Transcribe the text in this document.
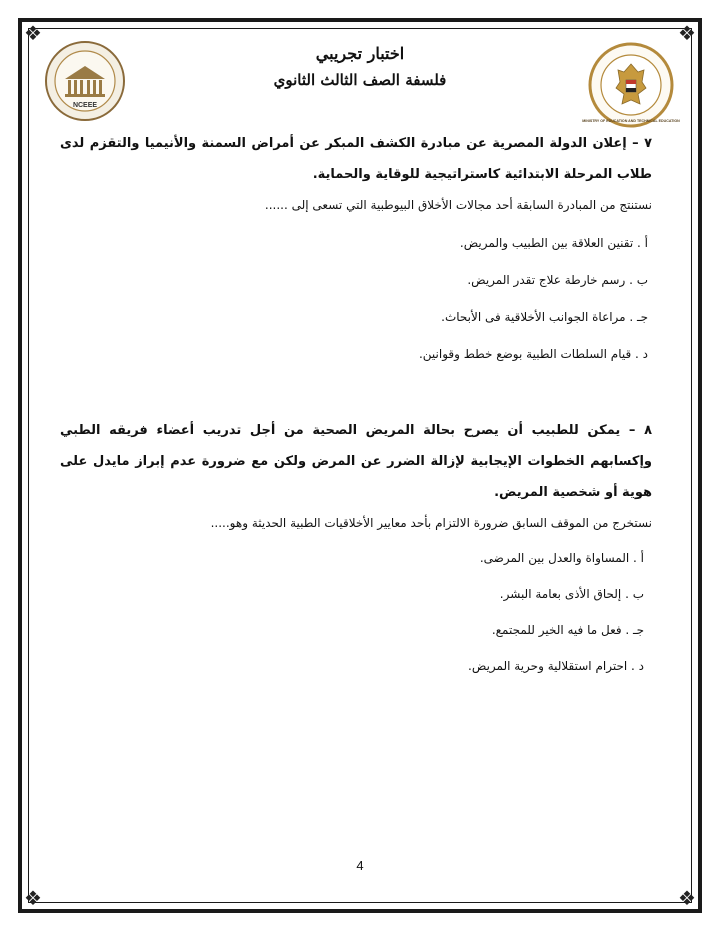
❖	❖
❖	❖
NCEEE
MINISTRY OF EDUCATION AND TECHNICAL EDUCATION
اختبار تجريبي
فلسفة الصف الثالث الثانوي
٧ – إعلان الدولة المصرية عن مبادرة الكشف المبكر عن أمراض السمنة والأنيميا والتقزم لدى طلاب المرحلة الابتدائية كاستراتيجية للوقاية والحماية.
نستنتج من المبادرة السابقة أحد مجالات الأخلاق البيوطبية التي تسعى إلى ......
أ . تقنين العلاقة بين الطبيب والمريض.
ب . رسم خارطة علاج تقدر المريض.
جـ . مراعاة الجوانب الأخلاقية فى الأبحاث.
د . قيام السلطات الطبية بوضع خطط وقوانين.
٨ – يمكن للطبيب أن يصرح بحالة المريض الصحية من أجل تدريب أعضاء فريقه الطبي وإكسابهم الخطوات الإيجابية لإزالة الضرر عن المرض ولكن مع ضرورة عدم إبراز مايدل على هوية أو شخصية المريض.
نستخرج من الموقف السابق ضرورة الالتزام بأحد معايير الأخلاقيات الطبية الحديثة وهو.....
أ . المساواة والعدل بين المرضى.
ب . إلحاق الأذى بعامة البشر.
جـ . فعل ما فيه الخير للمجتمع.
د . احترام استقلالية وحرية المريض.
4
